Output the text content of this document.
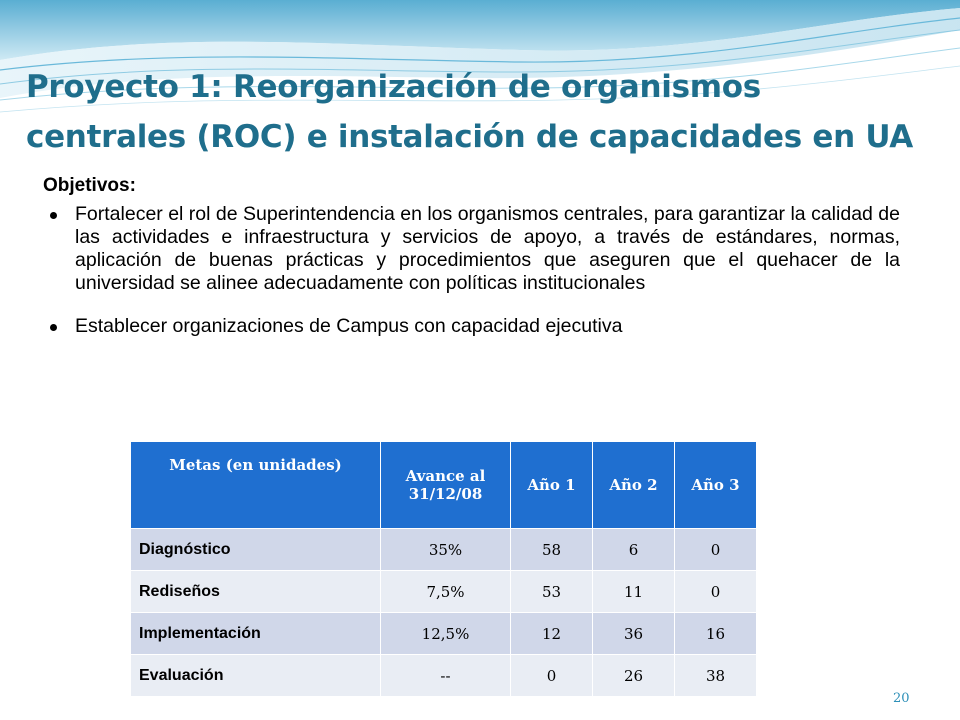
Proyecto 1: Reorganización de organismos
centrales (ROC) e instalación de capacidades en UA
Objetivos:
Fortalecer el rol de Superintendencia en los organismos centrales, para garantizar la calidad de las actividades e infraestructura y servicios de apoyo, a través de estándares, normas, aplicación de buenas prácticas y procedimientos que aseguren que el quehacer de la universidad se alinee adecuadamente con políticas institucionales
Establecer organizaciones de Campus con capacidad ejecutiva
Metas (en unidades)	Avance al 31/12/08	Año 1	Año 2	Año 3
Diagnóstico	35%	58	6	0
Rediseños	7,5%	53	11	0
Implementación	12,5%	12	36	16
Evaluación	--	0	26	38
20
